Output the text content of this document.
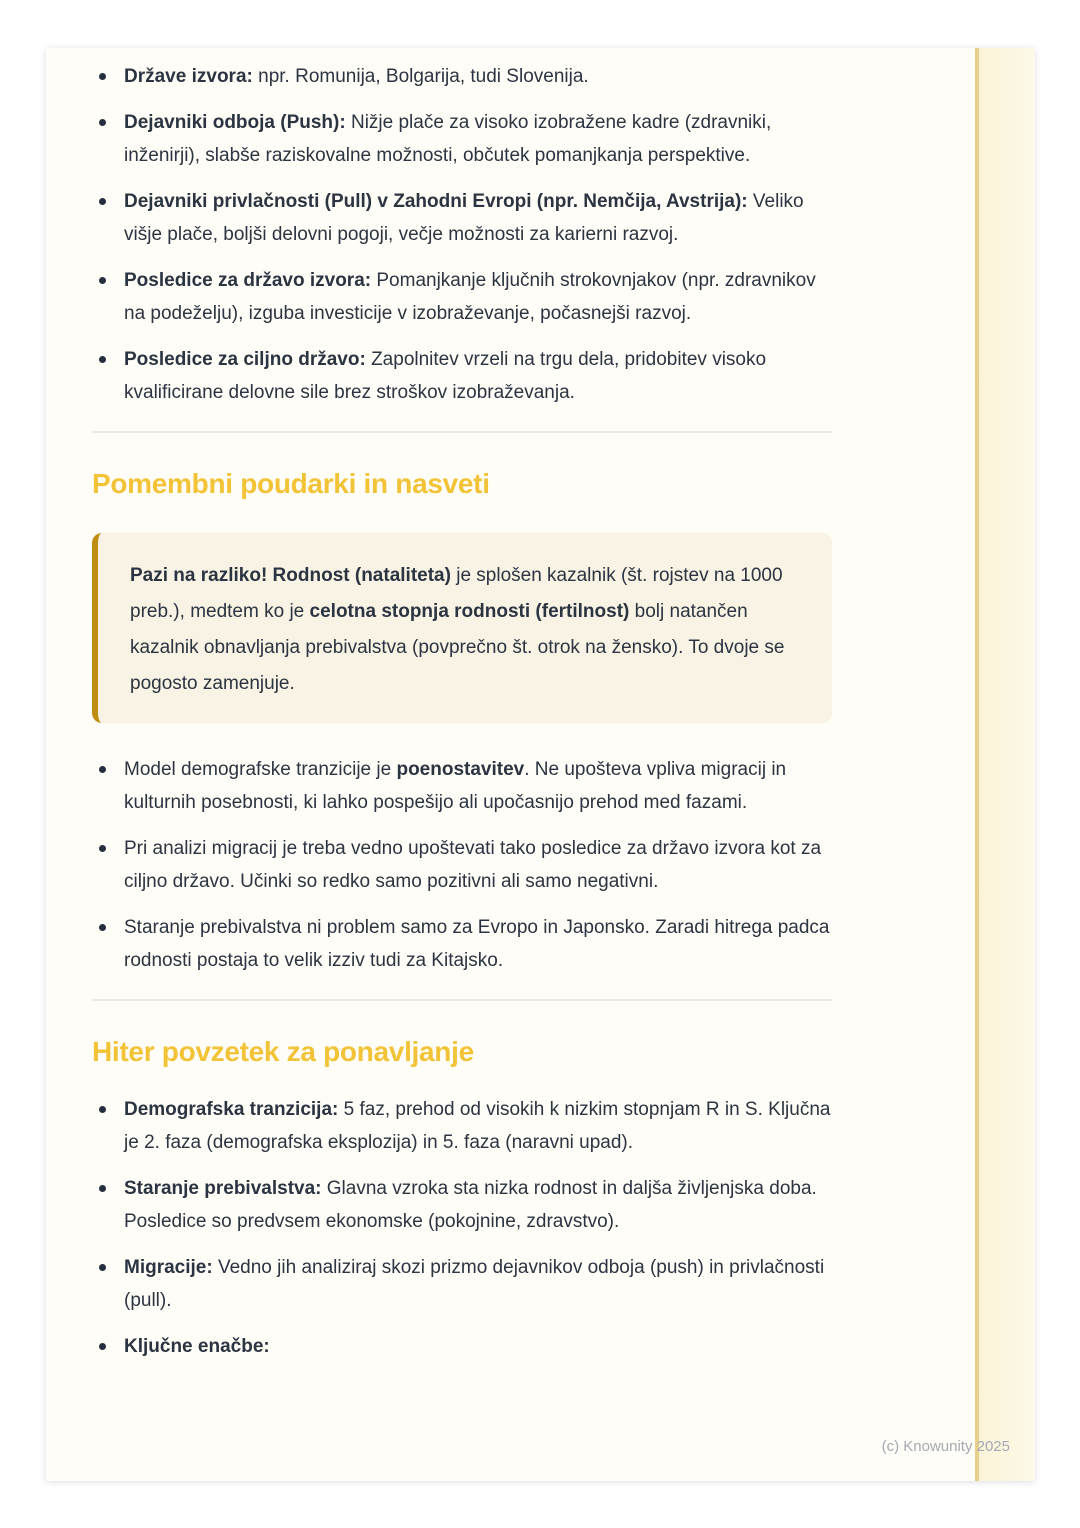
Države izvora: npr. Romunija, Bolgarija, tudi Slovenija.
Dejavniki odboja (Push): Nižje plače za visoko izobražene kadre (zdravniki, inženirji), slabše raziskovalne možnosti, občutek pomanjkanja perspektive.
Dejavniki privlačnosti (Pull) v Zahodni Evropi (npr. Nemčija, Avstrija): Veliko višje plače, boljši delovni pogoji, večje možnosti za karierni razvoj.
Posledice za državo izvora: Pomanjkanje ključnih strokovnjakov (npr. zdravnikov na podeželju), izguba investicije v izobraževanje, počasnejši razvoj.
Posledice za ciljno državo: Zapolnitev vrzeli na trgu dela, pridobitev visoko kvalificirane delovne sile brez stroškov izobraževanja.
Pomembni poudarki in nasveti
Pazi na razliko! Rodnost (nataliteta) je splošen kazalnik (št. rojstev na 1000 preb.), medtem ko je celotna stopnja rodnosti (fertilnost) bolj natančen kazalnik obnavljanja prebivalstva (povprečno št. otrok na žensko). To dvoje se pogosto zamenjuje.
Model demografske tranzicije je poenostavitev. Ne upošteva vpliva migracij in kulturnih posebnosti, ki lahko pospešijo ali upočasnijo prehod med fazami.
Pri analizi migracij je treba vedno upoštevati tako posledice za državo izvora kot za ciljno državo. Učinki so redko samo pozitivni ali samo negativni.
Staranje prebivalstva ni problem samo za Evropo in Japonsko. Zaradi hitrega padca rodnosti postaja to velik izziv tudi za Kitajsko.
Hiter povzetek za ponavljanje
Demografska tranzicija: 5 faz, prehod od visokih k nizkim stopnjam R in S. Ključna je 2. faza (demografska eksplozija) in 5. faza (naravni upad).
Staranje prebivalstva: Glavna vzroka sta nizka rodnost in daljša življenjska doba. Posledice so predvsem ekonomske (pokojnine, zdravstvo).
Migracije: Vedno jih analiziraj skozi prizmo dejavnikov odboja (push) in privlačnosti (pull).
Ključne enačbe:
(c) Knowunity 2025
